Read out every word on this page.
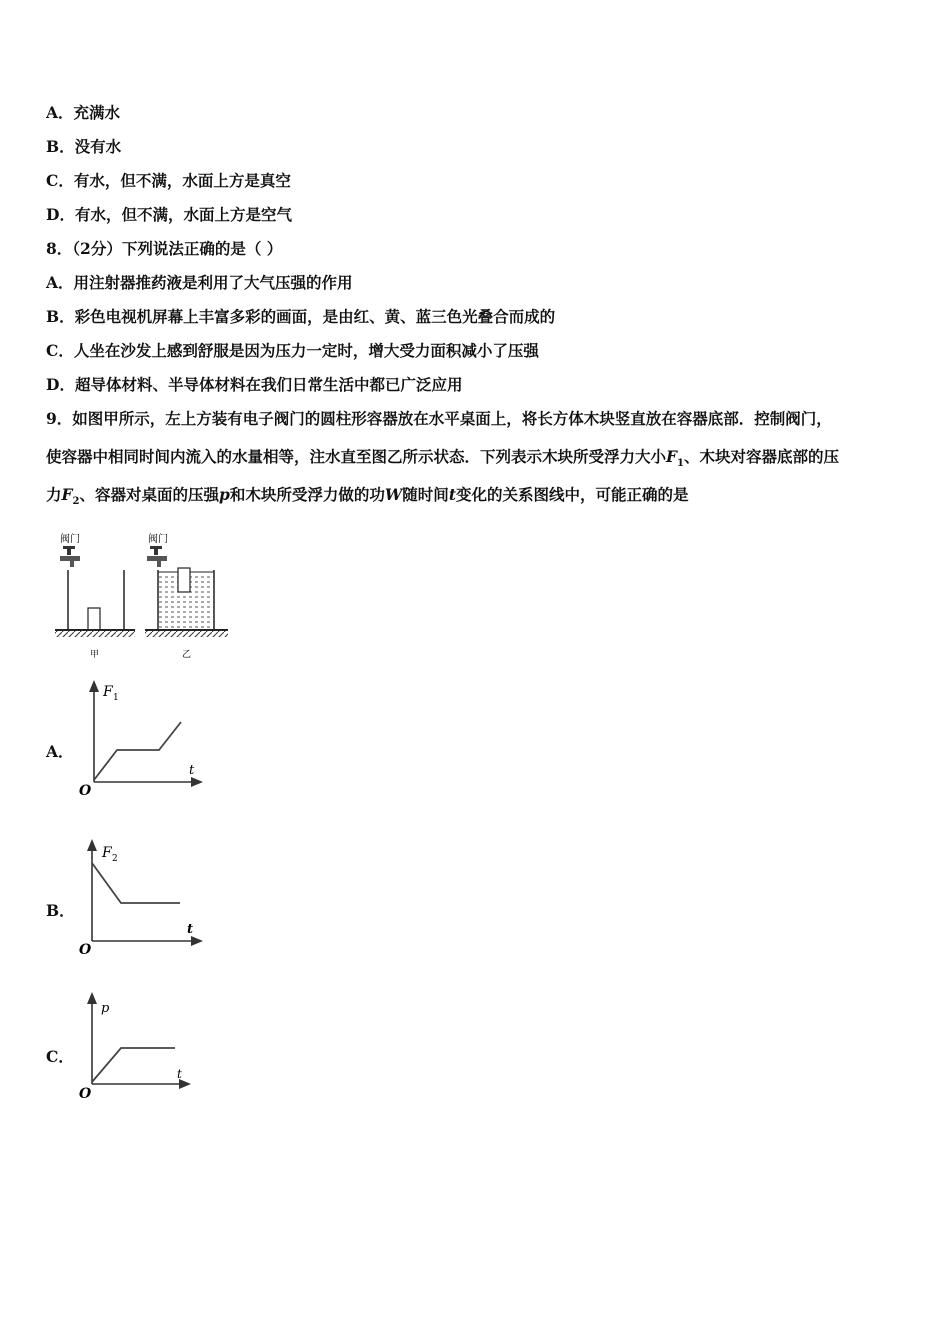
A．充满水
B．没有水
C．有水，但不满，水面上方是真空
D．有水，但不满，水面上方是空气
8．（2分）下列说法正确的是（ ）
A．用注射器推药液是利用了大气压强的作用
B．彩色电视机屏幕上丰富多彩的画面，是由红、黄、蓝三色光叠合而成的
C．人坐在沙发上感到舒服是因为压力一定时，增大受力面积减小了压强
D．超导体材料、半导体材料在我们日常生活中都已广泛应用
9．如图甲所示，左上方装有电子阀门的圆柱形容器放在水平桌面上，将长方体木块竖直放在容器底部．控制阀门，
使容器中相同时间内流入的水量相等，注水直至图乙所示状态．下列表示木块所受浮力大小$F_1$、木块对容器底部的压
力$F_2$、容器对桌面的压强p和木块所受浮力做的功W随时间t变化的关系图线中，可能正确的是
阀门
甲
阀门
乙
A．
F 1
t
O
B．
F 2
t
O
C．
p
t
O
